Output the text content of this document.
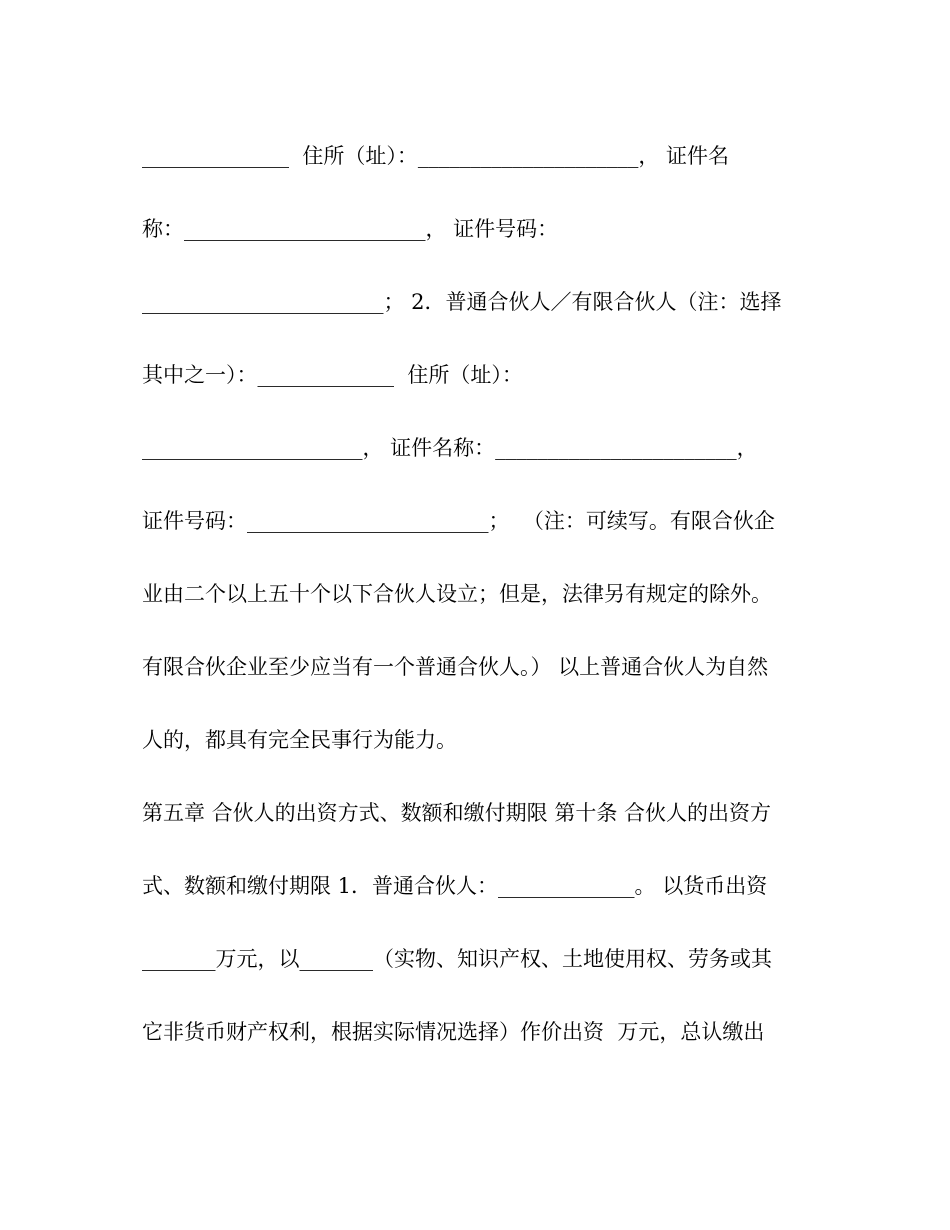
______________  住所（址）：_____________________， 证件名
称：_______________________， 证件号码：
_______________________； 2．普通合伙人／有限合伙人（注：选择
其中之一）：_____________  住所（址）：
_____________________， 证件名称：_______________________，
证件号码：_______________________；  （注：可续写。有限合伙企
业由二个以上五十个以下合伙人设立；但是，法律另有规定的除外。
有限合伙企业至少应当有一个普通合伙人。） 以上普通合伙人为自然
人的，都具有完全民事行为能力。
第五章 合伙人的出资方式、数额和缴付期限 第十条 合伙人的出资方
式、数额和缴付期限 1．普通合伙人：_____________。 以货币出资
_______万元，以_______（实物、知识产权、土地使用权、劳务或其
它非货币财产权利，根据实际情况选择）作价出资  万元，总认缴出
